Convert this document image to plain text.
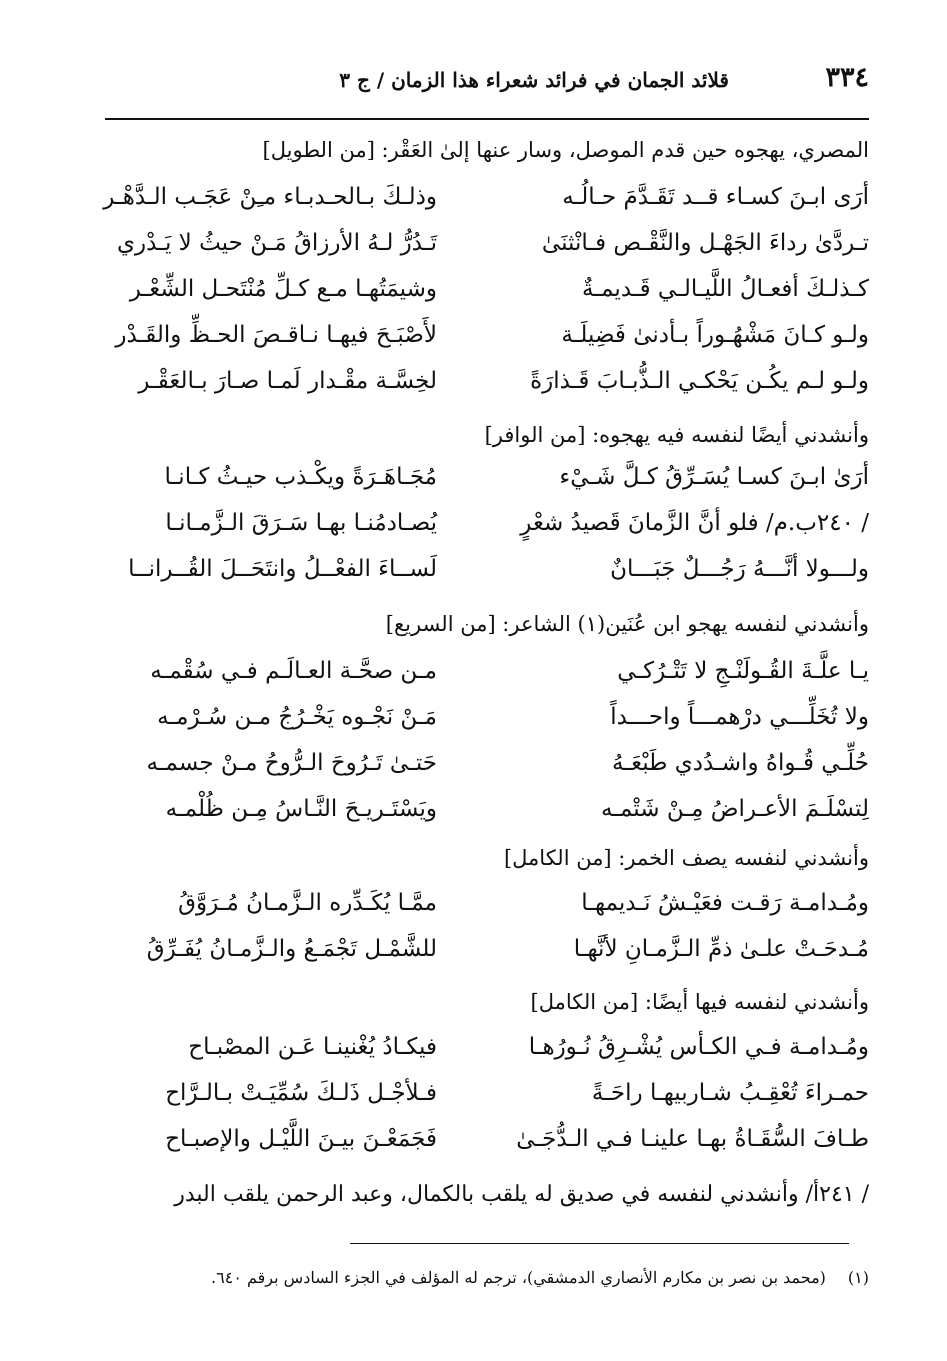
٣٣٤
قلائد الجمان في فرائد شعراء هذا الزمان / ج ٣
المصري، يهجوه حين قدم الموصل، وسار عنها إلىٰ العَقْر: [من الطويل]
أرَى ابـنَ كسـاء قــد تَقَـدَّمَ حـالُـه
وذلـكَ بـالحـدبـاء مـِنْ عَجَـب الـدَّهْـر
تـردَّىٰ رداءَ الجَهْـل والنَّقْـص فـانْثنَىٰ
تَـدُرُّ لـهُ الأرزاقُ مَـنْ حيثُ لا يَـدْري
كـذلـكَ أفعـالُ اللَّيـالـي قَـديمـةٌ
وشيمَتُهـا مـع كـلِّ مُنْتَحـل الشِّعْـر
ولـو كـانَ مَشْهُـوراً بـأدنىٰ فَضِيلَـة
لأَصْبَـحَ فيهـا نـاقـصَ الحـظِّ والقَـدْر
ولـو لـم يكُـن يَحْكـي الـذُّبـابَ قَـذارَةً
لخِسَّـة مقْـدار لَمـا صـارَ بـالعَقْـر
وأنشدني أيضًا لنفسه فيه يهجوه: [من الوافر]
أرَىٰ ابـنَ كسـا يُسَـرِّقُ كـلَّ شَـيْء
مُجَـاهَـرَةً ويكْـذب حيـثُ كـانـا
/ ٢٤٠ب.م/ فلو أنَّ الزَّمانَ قَصيدُ شعْرٍ
يُصـادمُنـا بهـا سَـرَقَ الـزَّمـانـا
ولـــولا أنَّـــهُ رَجُـــلٌ جَبَـــانٌ
لَســاءَ الفعْــلُ وانتَحَــلَ القُــرانــا
وأنشدني لنفسه يهجو ابن عُنَين(١) الشاعر: [من السريع]
يـا علَّـةَ القُـولَنْـجِ لا تَتْـرُكـي
مـن صحَّـة العـالَـم فـي سُقْمـه
ولا تُخَلِّـــي درْهمـــاً واحـــداً
مَـنْ نَجْـوه يَخْـرُجُ مـن سُـرْمـه
حُلِّـي قُـواهُ واشـدُدي طَبْعَـهُ
حَتـىٰ تَـرُوحَ الـرُّوحُ مـنْ جسمـه
لِتسْلَـمَ الأعـراضُ مِـنْ شَتْمـه
ويَسْتَـريـحَ النَّـاسُ مِـن ظُلْمـه
وأنشدني لنفسه يصف الخمر: [من الكامل]
ومُـدامـة رَقـت فعَيْـشُ نَـديمهـا
ممَّـا يُكَـدِّره الـزَّمـانُ مُـرَوَّقُ
مُـدحَـتْ علـىٰ ذمِّ الـزَّمـانِ لأنَّهـا
للشَّمْـل تَجْمَـعُ والـزَّمـانُ يُفَـرِّقُ
وأنشدني لنفسه فيها أيضًا: [من الكامل]
ومُـدامـة فـي الكـأس يُشْـرِقُ نُـورُهـا
فيكـادُ يُغْنينـا عَـن المصْبـاح
حمـراءَ تُعْقِـبُ شـاربيهـا راحَـةً
فـلأجْـل ذَلـكَ سُمِّيَـتْ بـالـرَّاح
طـافَ السُّقَـاةُ بهـا علينـا فـي الـدُّجَـىٰ
فَجَمَعْـنَ بيـنَ اللَّيْـل والإصبـاح
/ ٢٤١أ/ وأنشدني لنفسه في صديق له يلقب بالكمال، وعبد الرحمن يلقب البدر
(١)(محمد بن نصر بن مكارم الأنصاري الدمشقي)، ترجم له المؤلف في الجزء السادس برقم ٦٤٠.
